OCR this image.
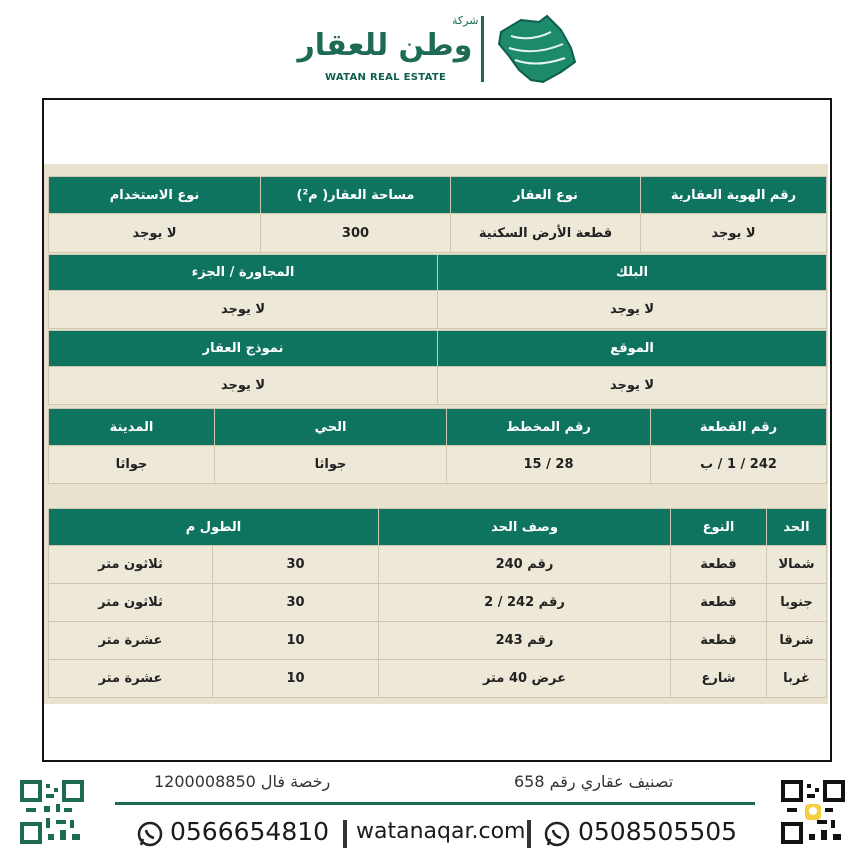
شركة
وطن للعقار
WATAN REAL ESTATE
رقم الهوية العقارية	نوع العقار	مساحة العقار( م²)	نوع الاستخدام
لا يوجد	قطعة الأرض السكنية	300	لا يوجد
البلك	المجاورة / الجزء
لا يوجد	لا يوجد
الموقع	نموذج العقار
لا يوجد	لا يوجد
رقم القطعة	رقم المخطط	الحي	المدينة
242 / 1 / ب	28 / 15	جواثا	جواثا
الحد	النوع	وصف الحد	الطول م	
شمالا	قطعة	رقم 240	30	ثلاثون متر
جنوبا	قطعة	رقم 242 / 2	30	ثلاثون متر
شرقا	قطعة	رقم 243	10	عشرة متر
غربا	شارع	عرض 40 متر	10	عشرة متر
تصنيف عقاري رقم 658
رخصة فال 1200008850
0566654810 watanaqar.com 0508505505
